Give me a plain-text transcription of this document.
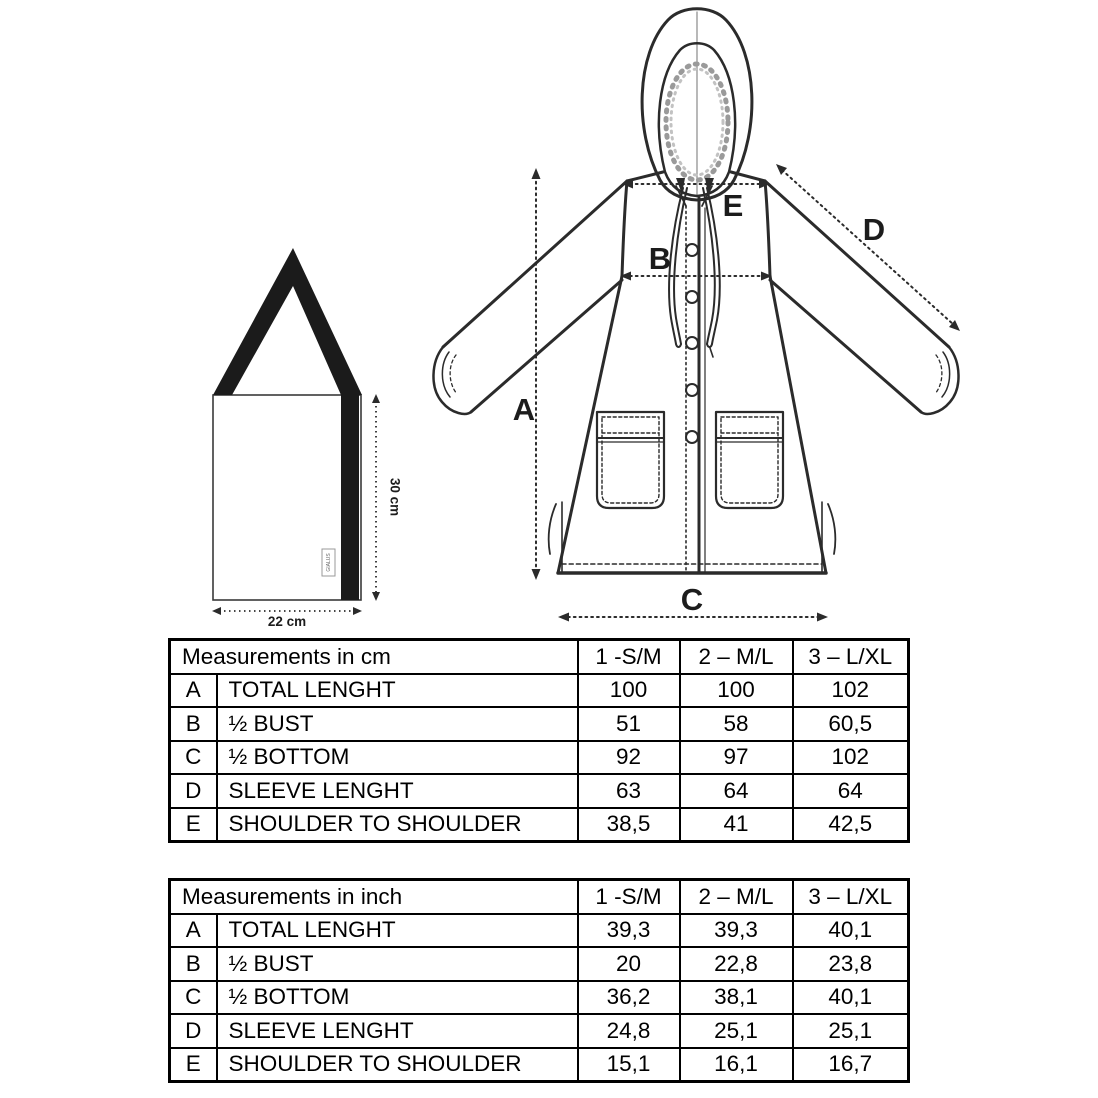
GIALUS
30 cm
22 cm
A
B
C
D
E
Measurements in cm		1 -S/M	2 – M/L	3 – L/XL
A	TOTAL LENGHT	100	100	102
B	½ BUST	51	58	60,5
C	½ BOTTOM	92	97	102
D	SLEEVE LENGHT	63	64	64
E	SHOULDER TO SHOULDER	38,5	41	42,5
Measurements in inch		1 -S/M	2 – M/L	3 – L/XL
A	TOTAL LENGHT	39,3	39,3	40,1
B	½ BUST	20	22,8	23,8
C	½ BOTTOM	36,2	38,1	40,1
D	SLEEVE LENGHT	24,8	25,1	25,1
E	SHOULDER TO SHOULDER	15,1	16,1	16,7
